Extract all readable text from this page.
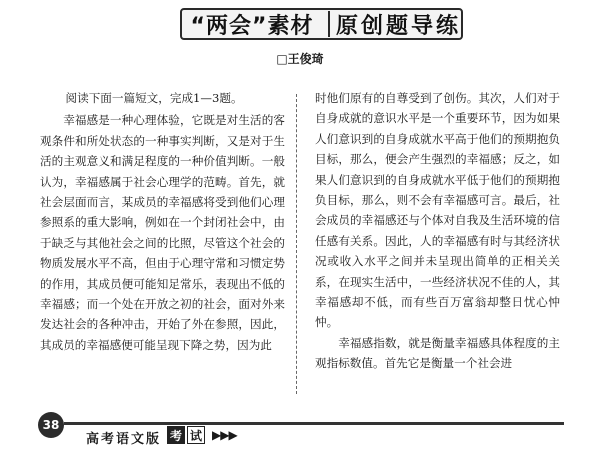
“两会”素材	原创题导练
□王俊琦

阅读下面一篇短文，完成1—3题。

幸福感是一种心理体验，它既是对生活的客观条件和所处状态的一种事实判断，又是对于生活的主观意义和满足程度的一种价值判断。一般认为，幸福感属于社会心理学的范畴。首先，就社会层面而言，某成员的幸福感将受到他们心理参照系的重大影响，例如在一个封闭社会中，由于缺乏与其他社会之间的比照，尽管这个社会的物质发展水平不高，但由于心理守常和习惯定势的作用，其成员便可能知足常乐，表现出不低的幸福感；而一个处在开放之初的社会，面对外来发达社会的各种冲击，开始了外在参照，因此，其成员的幸福感便可能呈现下降之势，因为此

时他们原有的自尊受到了创伤。其次，人们对于自身成就的意识水平是一个重要环节，因为如果人们意识到的自身成就水平高于他们的预期抱负目标，那么，便会产生强烈的幸福感；反之，如果人们意识到的自身成就水平低于他们的预期抱负目标，那么，则不会有幸福感可言。最后，社会成员的幸福感还与个体对自我及生活环境的信任感有关系。因此，人的幸福感有时与其经济状况或收入水平之间并未呈现出简单的正相关关系，在现实生活中，一些经济状况不佳的人，其幸福感却不低，而有些百万富翁却整日忧心忡忡。

幸福感指数，就是衡量幸福感具体程度的主观指标数值。首先它是衡量一个社会进

38
高考语文版 考 试 ▶▶▶
